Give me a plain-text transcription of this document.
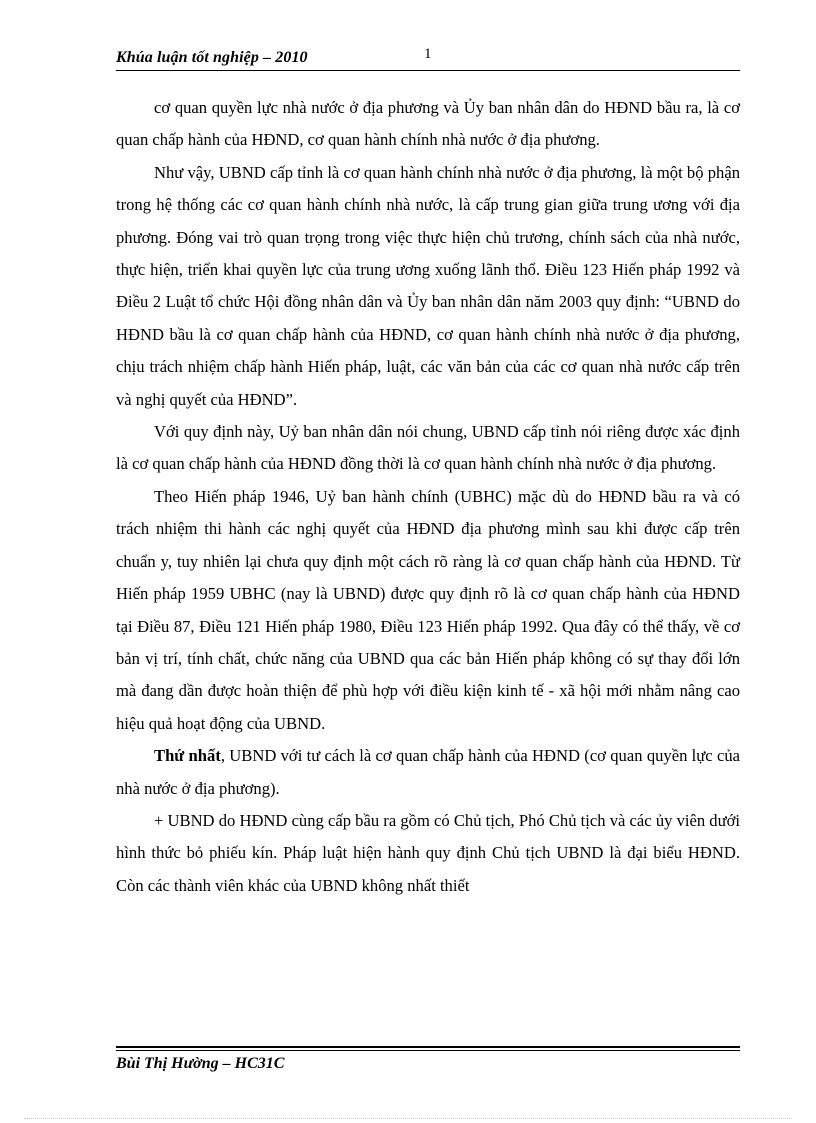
Khúa luận tốt nghiệp – 2010	1

cơ quan quyền lực nhà nước ở địa phương và Ủy ban nhân dân do HĐND bầu ra, là cơ quan chấp hành của HĐND, cơ quan hành chính nhà nước ở địa phương.

Như vậy, UBND cấp tỉnh là cơ quan hành chính nhà nước ở địa phương, là một bộ phận trong hệ thống các cơ quan hành chính nhà nước, là cấp trung gian giữa trung ương với địa phương. Đóng vai trò quan trọng trong việc thực hiện chủ trương, chính sách của nhà nước, thực hiện, triển khai quyền lực của trung ương xuống lãnh thổ. Điều 123 Hiến pháp 1992 và Điều 2 Luật tổ chức Hội đồng nhân dân và Ủy ban nhân dân năm 2003 quy định: “UBND do HĐND bầu là cơ quan chấp hành của HĐND, cơ quan hành chính nhà nước ở địa phương, chịu trách nhiệm chấp hành Hiến pháp, luật, các văn bản của các cơ quan nhà nước cấp trên và nghị quyết của HĐND”.

Với quy định này, Uỷ ban nhân dân nói chung, UBND cấp tỉnh nói riêng được xác định là cơ quan chấp hành của HĐND đồng thời là cơ quan hành chính nhà nước ở địa phương.

Theo Hiến pháp 1946, Uỷ ban hành chính (UBHC) mặc dù do HĐND bầu ra và có trách nhiệm thi hành các nghị quyết của HĐND địa phương mình sau khi được cấp trên chuẩn y, tuy nhiên lại chưa quy định một cách rõ ràng là cơ quan chấp hành của HĐND. Từ Hiến pháp 1959 UBHC (nay là UBND) được quy định rõ là cơ quan chấp hành của HĐND tại Điều 87, Điều 121 Hiến pháp 1980, Điều 123 Hiến pháp 1992. Qua đây có thể thấy, về cơ bản vị trí, tính chất, chức năng của UBND qua các bản Hiến pháp không có sự thay đổi lớn mà đang dần được hoàn thiện để phù hợp với điều kiện kinh tế - xã hội mới nhằm nâng cao hiệu quả hoạt động của UBND.

Thứ nhất, UBND với tư cách là cơ quan chấp hành của HĐND (cơ quan quyền lực của nhà nước ở địa phương).

+ UBND do HĐND cùng cấp bầu ra gồm có Chủ tịch, Phó Chủ tịch và các ủy viên dưới hình thức bỏ phiếu kín. Pháp luật hiện hành quy định Chủ tịch UBND là đại biểu HĐND. Còn các thành viên khác của UBND không nhất thiết

Bùi Thị Hường – HC31C
